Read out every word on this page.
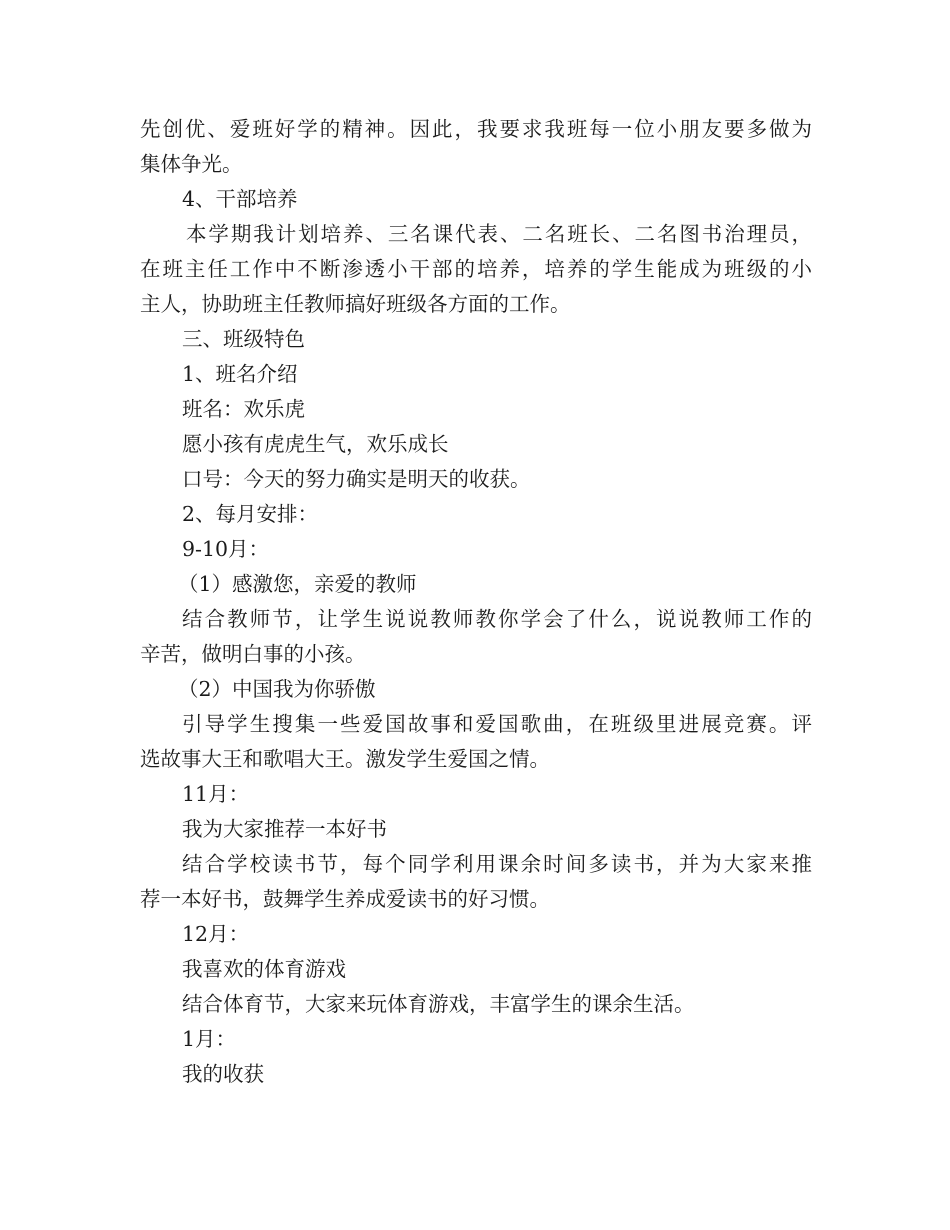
先创优、爱班好学的精神。因此，我要求我班每一位小朋友要多做为
集体争光。
4、干部培养
本学期我计划培养、三名课代表、二名班长、二名图书治理员，
在班主任工作中不断渗透小干部的培养，培养的学生能成为班级的小
主人，协助班主任教师搞好班级各方面的工作。
三、班级特色
1、班名介绍
班名：欢乐虎
愿小孩有虎虎生气，欢乐成长
口号：今天的努力确实是明天的收获。
2、每月安排：
9-10月：
（1）感激您，亲爱的教师
结合教师节，让学生说说教师教你学会了什么，说说教师工作的
辛苦，做明白事的小孩。
（2）中国我为你骄傲
引导学生搜集一些爱国故事和爱国歌曲，在班级里进展竞赛。评
选故事大王和歌唱大王。激发学生爱国之情。
11月：
我为大家推荐一本好书
结合学校读书节，每个同学利用课余时间多读书，并为大家来推
荐一本好书，鼓舞学生养成爱读书的好习惯。
12月：
我喜欢的体育游戏
结合体育节，大家来玩体育游戏，丰富学生的课余生活。
1月：
我的收获
